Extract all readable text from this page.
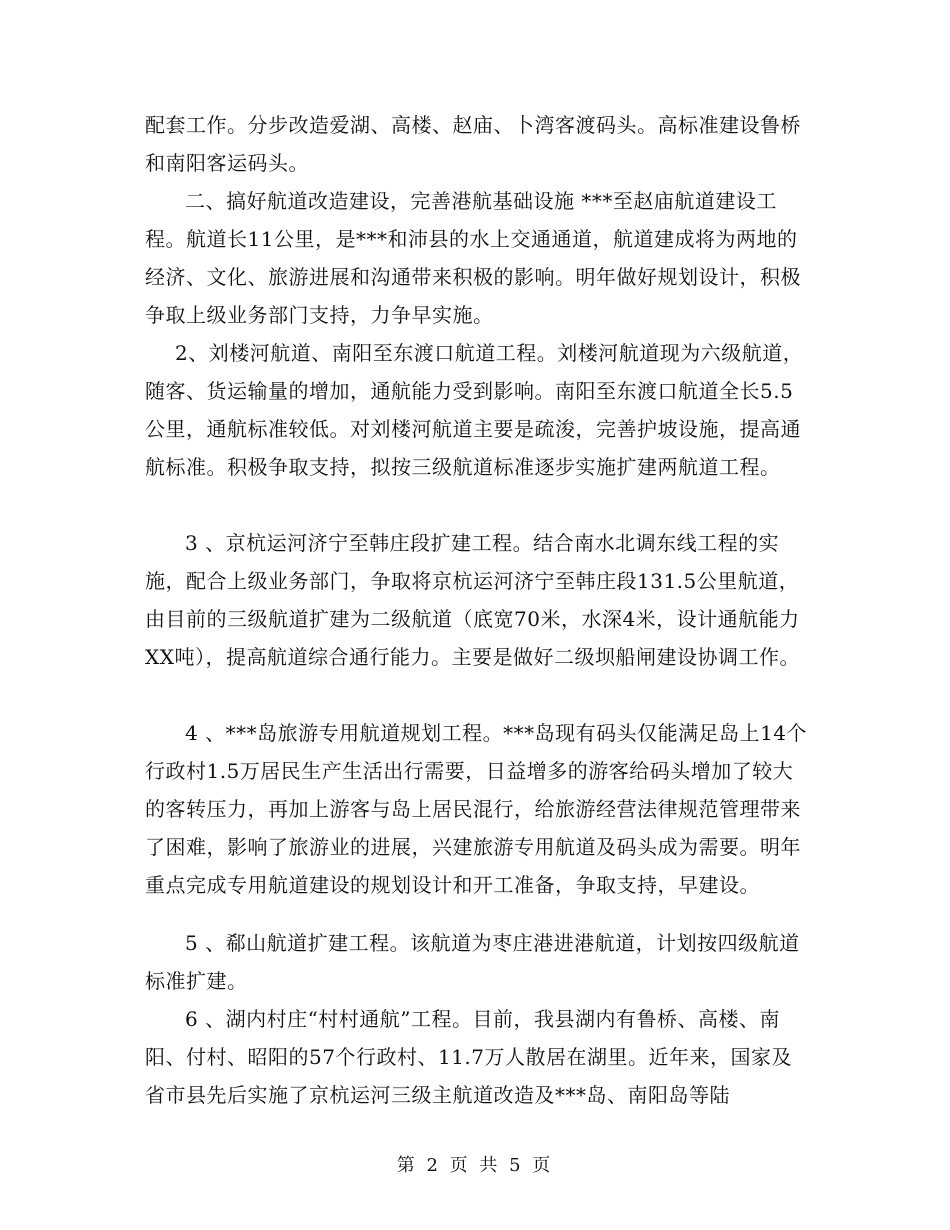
配套工作。分步改造爱湖、高楼、赵庙、卜湾客渡码头。高标准建设鲁桥和南阳客运码头。

二、搞好航道改造建设，完善港航基础设施 ***至赵庙航道建设工程。航道长11公里，是***和沛县的水上交通通道，航道建成将为两地的经济、文化、旅游进展和沟通带来积极的影响。明年做好规划设计，积极争取上级业务部门支持，力争早实施。

2、刘楼河航道、南阳至东渡口航道工程。刘楼河航道现为六级航道，随客、货运输量的增加，通航能力受到影响。南阳至东渡口航道全长5.5公里，通航标准较低。对刘楼河航道主要是疏浚，完善护坡设施，提高通航标准。积极争取支持，拟按三级航道标准逐步实施扩建两航道工程。

3 、京杭运河济宁至韩庄段扩建工程。结合南水北调东线工程的实施，配合上级业务部门，争取将京杭运河济宁至韩庄段131.5公里航道，由目前的三级航道扩建为二级航道（底宽70米，水深4米，设计通航能力XX吨），提高航道综合通行能力。主要是做好二级坝船闸建设协调工作。

4 、***岛旅游专用航道规划工程。***岛现有码头仅能满足岛上14个行政村1.5万居民生产生活出行需要，日益增多的游客给码头增加了较大的客转压力，再加上游客与岛上居民混行，给旅游经营法律规范管理带来了困难，影响了旅游业的进展，兴建旅游专用航道及码头成为需要。明年重点完成专用航道建设的规划设计和开工准备，争取支持，早建设。

5 、郗山航道扩建工程。该航道为枣庄港进港航道，计划按四级航道标准扩建。

6 、湖内村庄“村村通航”工程。目前，我县湖内有鲁桥、高楼、南阳、付村、昭阳的57个行政村、11.7万人散居在湖里。近年来，国家及省市县先后实施了京杭运河三级主航道改造及***岛、南阳岛等陆

第 2 页 共 5 页
